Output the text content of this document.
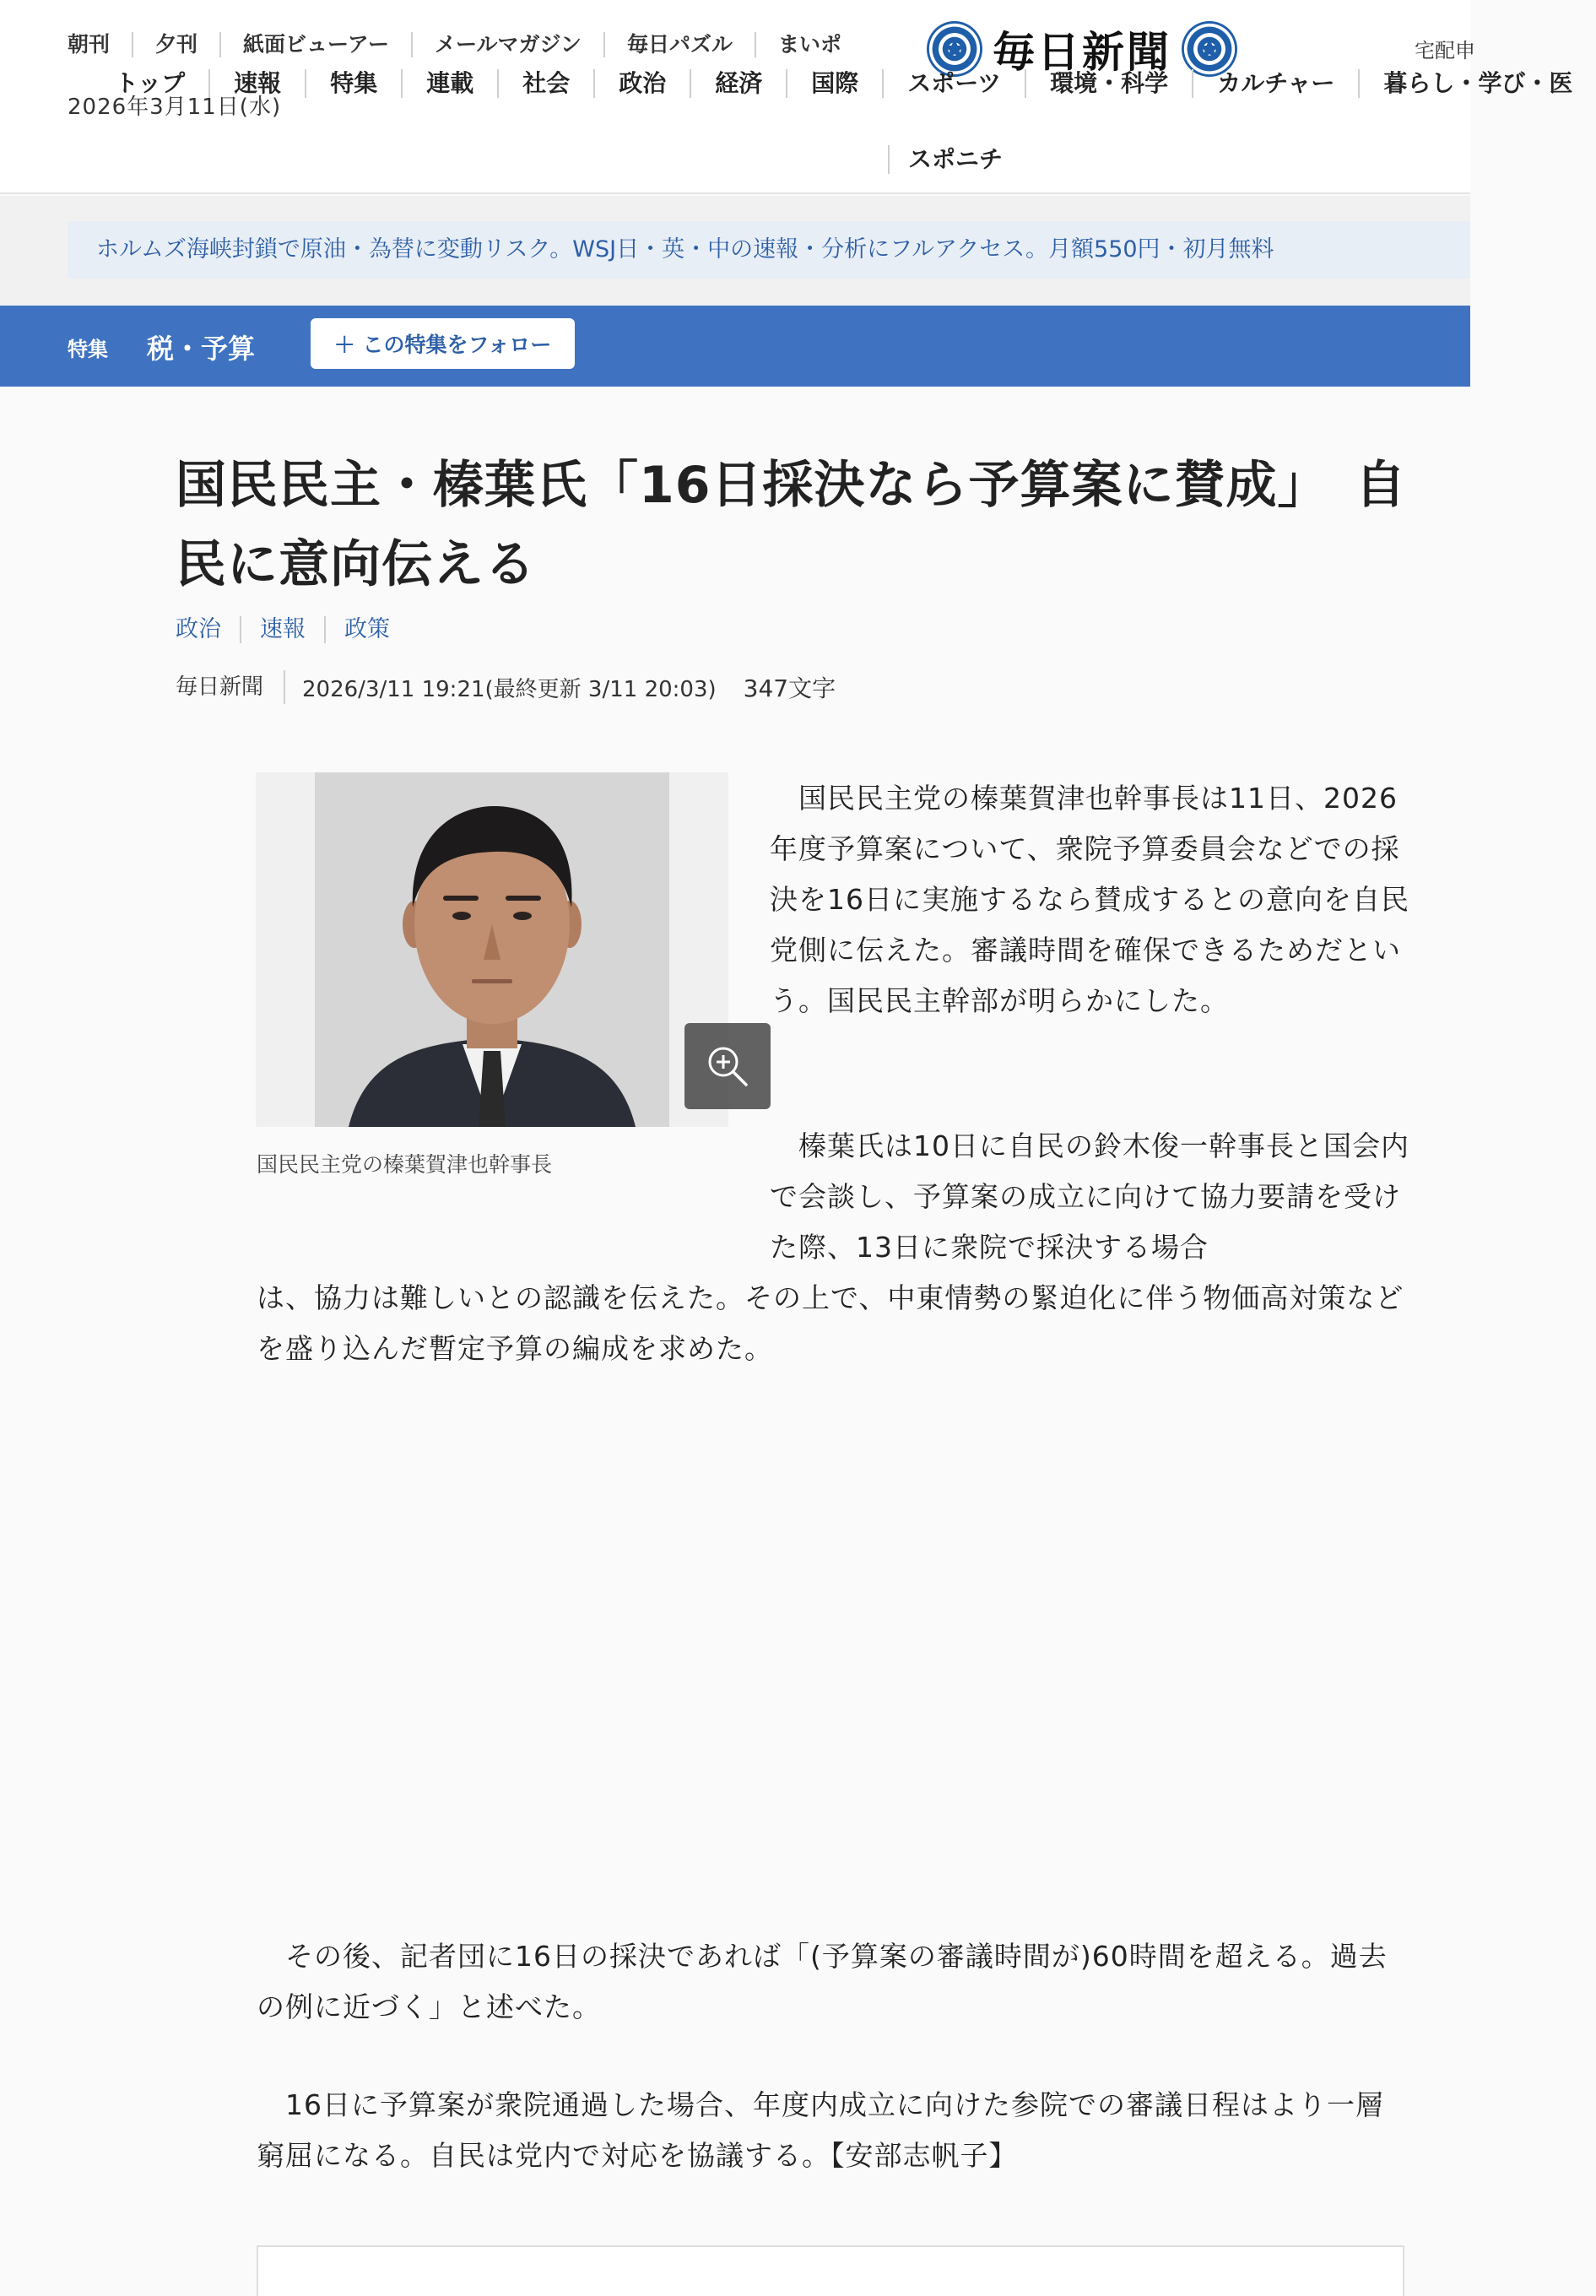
朝刊	夕刊	紙面ビューアー	メールマガジン	毎日パズル	まいポ
2026年3月11日(水)
毎日新聞	宅配申
トップ	速報	特集	連載	社会	政治	経済	国際	スポーツ	環境・科学	カルチャー	暮らし・学び・医
スポニチ
ホルムズ海峡封鎖で原油・為替に変動リスク。WSJ日・英・中の速報・分析にフルアクセス。月額550円・初月無料
特集 税・予算	＋ この特集をフォロー
国民民主・榛葉氏「16日採決なら予算案に賛成」　自
民に意向伝える
政治	速報	政策
毎日新聞	2026/3/11 19:21(最終更新 3/11 20:03)	347文字
国民民主党の榛葉賀津也幹事長

　国民民主党の榛葉賀津也幹事長は11日、2026年度予算案について、衆院予算委員会などでの採決を16日に実施するなら賛成するとの意向を自民党側に伝えた。審議時間を確保できるためだという。国民民主幹部が明らかにした。

　榛葉氏は10日に自民の鈴木俊一幹事長と国会内で会談し、予算案の成立に向けて協力要請を受けた際、13日に衆院で採決する場合

は、協力は難しいとの認識を伝えた。その上で、中東情勢の緊迫化に伴う物価高対策などを盛り込んだ暫定予算の編成を求めた。

　その後、記者団に16日の採決であれば「(予算案の審議時間が)60時間を超える。過去の例に近づく」と述べた。

　16日に予算案が衆院通過した場合、年度内成立に向けた参院での審議日程はより一層窮屈になる。自民は党内で対応を協議する。【安部志帆子】
